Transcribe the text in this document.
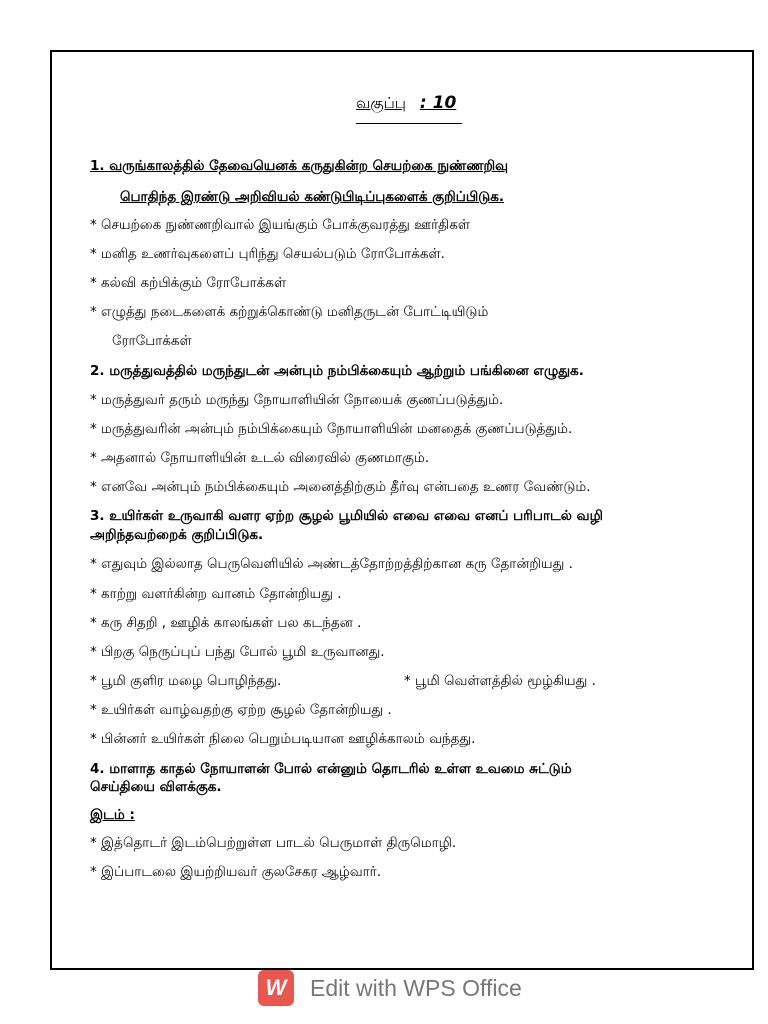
வகுப்பு : 10
1. வருங்காலத்தில் தேவையெனக் கருதுகின்ற செயற்கை நுண்ணறிவு
பொதிந்த இரண்டு அறிவியல் கண்டுபிடிப்புகளைக் குறிப்பிடுக.
* செயற்கை நுண்ணறிவால் இயங்கும் போக்குவரத்து ஊர்திகள்
* மனித உணர்வுகளைப் புரிந்து செயல்படும் ரோபோக்கள்.
* கல்வி கற்பிக்கும் ரோபோக்கள்
* எழுத்து நடைகளைக் கற்றுக்கொண்டு மனிதருடன் போட்டியிடும்
ரோபோக்கள்
2. மருத்துவத்தில் மருந்துடன் அன்பும் நம்பிக்கையும் ஆற்றும் பங்கினை எழுதுக.
* மருத்துவர் தரும் மருந்து நோயாளியின் நோயைக் குணப்படுத்தும்.
* மருத்துவரின் அன்பும் நம்பிக்கையும் நோயாளியின் மனதைக் குணப்படுத்தும்.
* அதனால் நோயாளியின் உடல் விரைவில் குணமாகும்.
* எனவே அன்பும் நம்பிக்கையும் அனைத்திற்கும் தீர்வு என்பதை உணர வேண்டும்.
3. உயிர்கள் உருவாகி வளர ஏற்ற சூழல் பூமியில் எவை எவை எனப் பரிபாடல் வழி
அறிந்தவற்றைக் குறிப்பிடுக.
* எதுவும் இல்லாத பெருவெளியில் அண்டத்தோற்றத்திற்கான கரு தோன்றியது .
* காற்று வளர்கின்ற வானம் தோன்றியது .
* கரு சிதறி , ஊழிக் காலங்கள் பல கடந்தன .
* பிறகு நெருப்புப் பந்து போல் பூமி உருவானது.
* பூமி குளிர மழை பொழிந்தது.	* பூமி வெள்ளத்தில் மூழ்கியது .
* உயிர்கள் வாழ்வதற்கு ஏற்ற சூழல் தோன்றியது .
* பின்னர் உயிர்கள் நிலை பெறும்படியான ஊழிக்காலம் வந்தது.
4. மாளாத காதல் நோயாளன் போல் என்னும் தொடரில் உள்ள உவமை சுட்டும்
செய்தியை விளக்குக.
இடம் :
* இத்தொடர் இடம்பெற்றுள்ள பாடல் பெருமாள் திருமொழி.
* இப்பாடலை இயற்றியவர் குலசேகர ஆழ்வார்.
W	Edit with WPS Office
